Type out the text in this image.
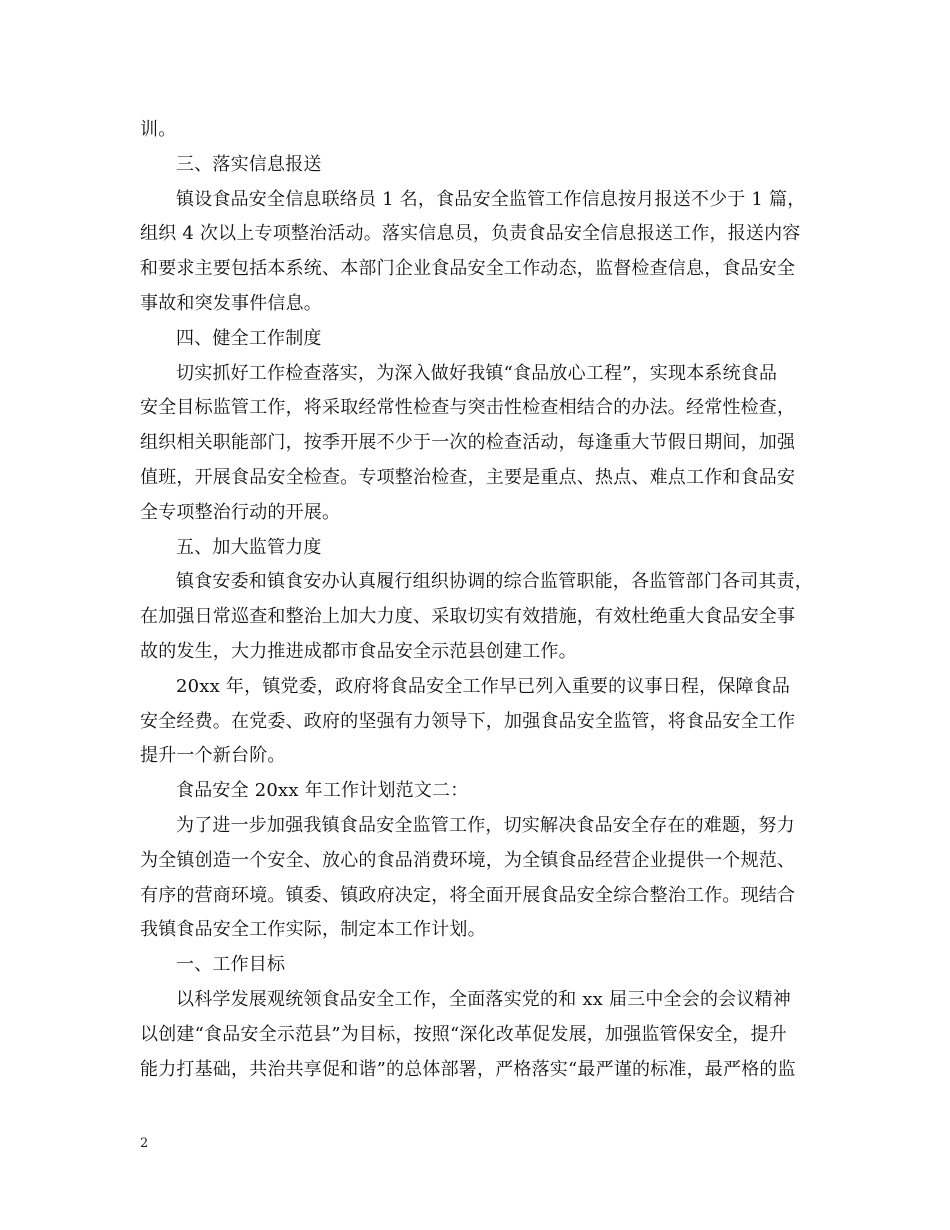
训。
三、落实信息报送
镇设食品安全信息联络员 1 名，食品安全监管工作信息按月报送不少于 1 篇，
组织 4 次以上专项整治活动。落实信息员，负责食品安全信息报送工作，报送内容
和要求主要包括本系统、本部门企业食品安全工作动态，监督检查信息，食品安全
事故和突发事件信息。
四、健全工作制度
切实抓好工作检查落实，为深入做好我镇“食品放心工程”，实现本系统食品
安全目标监管工作，将采取经常性检查与突击性检查相结合的办法。经常性检查，
组织相关职能部门，按季开展不少于一次的检查活动，每逢重大节假日期间，加强
值班，开展食品安全检查。专项整治检查，主要是重点、热点、难点工作和食品安
全专项整治行动的开展。
五、加大监管力度
镇食安委和镇食安办认真履行组织协调的综合监管职能，各监管部门各司其责，
在加强日常巡查和整治上加大力度、采取切实有效措施，有效杜绝重大食品安全事
故的发生，大力推进成都市食品安全示范县创建工作。
20xx 年，镇党委，政府将食品安全工作早已列入重要的议事日程，保障食品
安全经费。在党委、政府的坚强有力领导下，加强食品安全监管，将食品安全工作
提升一个新台阶。
食品安全 20xx 年工作计划范文二：
为了进一步加强我镇食品安全监管工作，切实解决食品安全存在的难题，努力
为全镇创造一个安全、放心的食品消费环境，为全镇食品经营企业提供一个规范、
有序的营商环境。镇委、镇政府决定，将全面开展食品安全综合整治工作。现结合
我镇食品安全工作实际，制定本工作计划。
一、工作目标
以科学发展观统领食品安全工作，全面落实党的和 xx 届三中全会的会议精神
以创建“食品安全示范县”为目标，按照“深化改革促发展，加强监管保安全，提升
能力打基础，共治共享促和谐”的总体部署，严格落实“最严谨的标准，最严格的监
2
